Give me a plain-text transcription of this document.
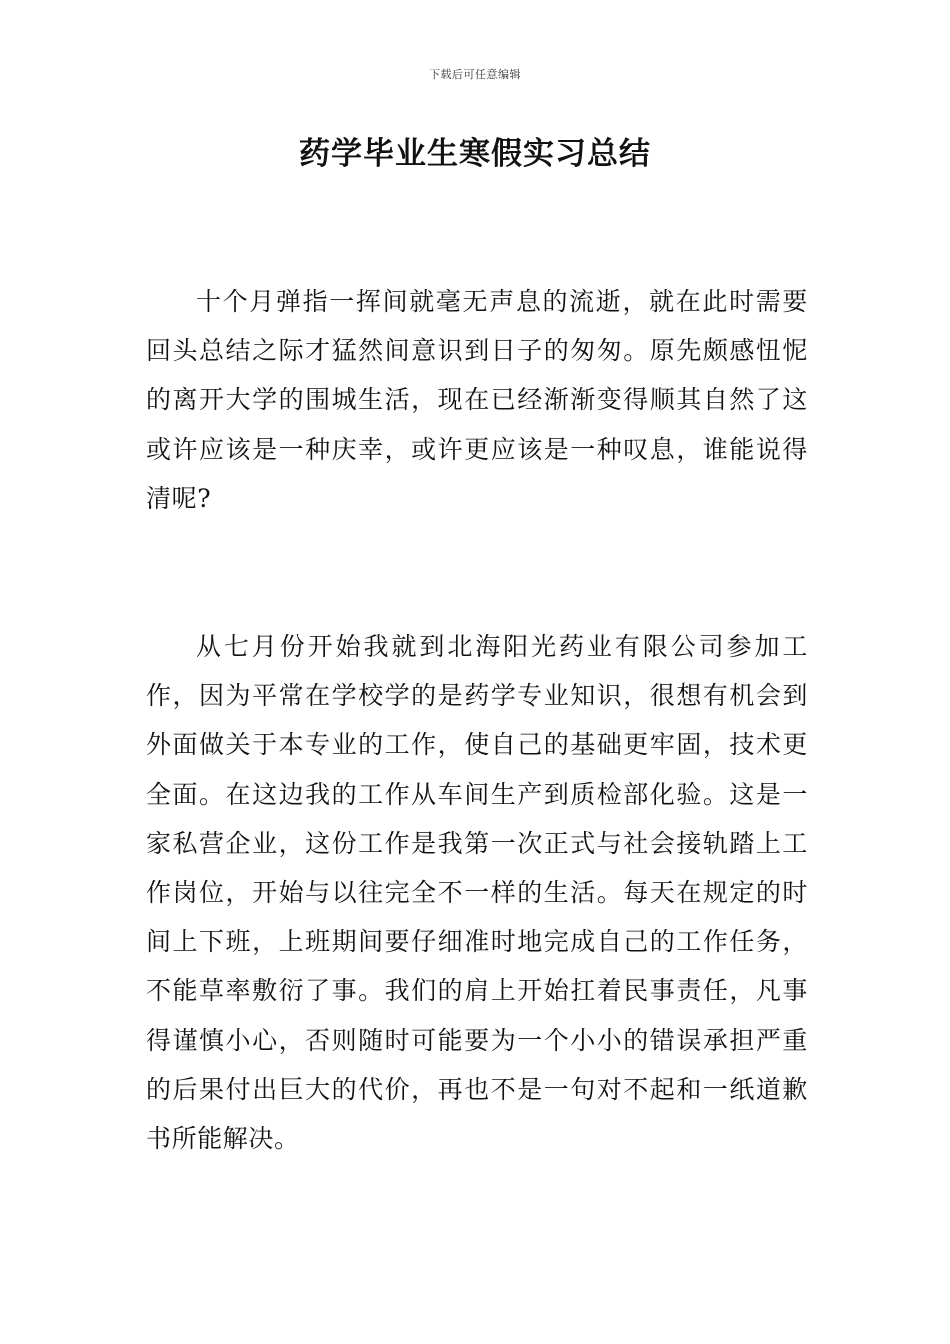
下载后可任意编辑
药学毕业生寒假实习总结

十个月弹指一挥间就毫无声息的流逝，就在此时需要回头总结之际才猛然间意识到日子的匆匆。原先颇感忸怩的离开大学的围城生活，现在已经渐渐变得顺其自然了这或许应该是一种庆幸，或许更应该是一种叹息，谁能说得清呢?

从七月份开始我就到北海阳光药业有限公司参加工作，因为平常在学校学的是药学专业知识，很想有机会到外面做关于本专业的工作，使自己的基础更牢固，技术更全面。在这边我的工作从车间生产到质检部化验。这是一家私营企业，这份工作是我第一次正式与社会接轨踏上工作岗位，开始与以往完全不一样的生活。每天在规定的时间上下班，上班期间要仔细准时地完成自己的工作任务，不能草率敷衍了事。我们的肩上开始扛着民事责任，凡事得谨慎小心，否则随时可能要为一个小小的错误承担严重的后果付出巨大的代价，再也不是一句对不起和一纸道歉书所能解决。
